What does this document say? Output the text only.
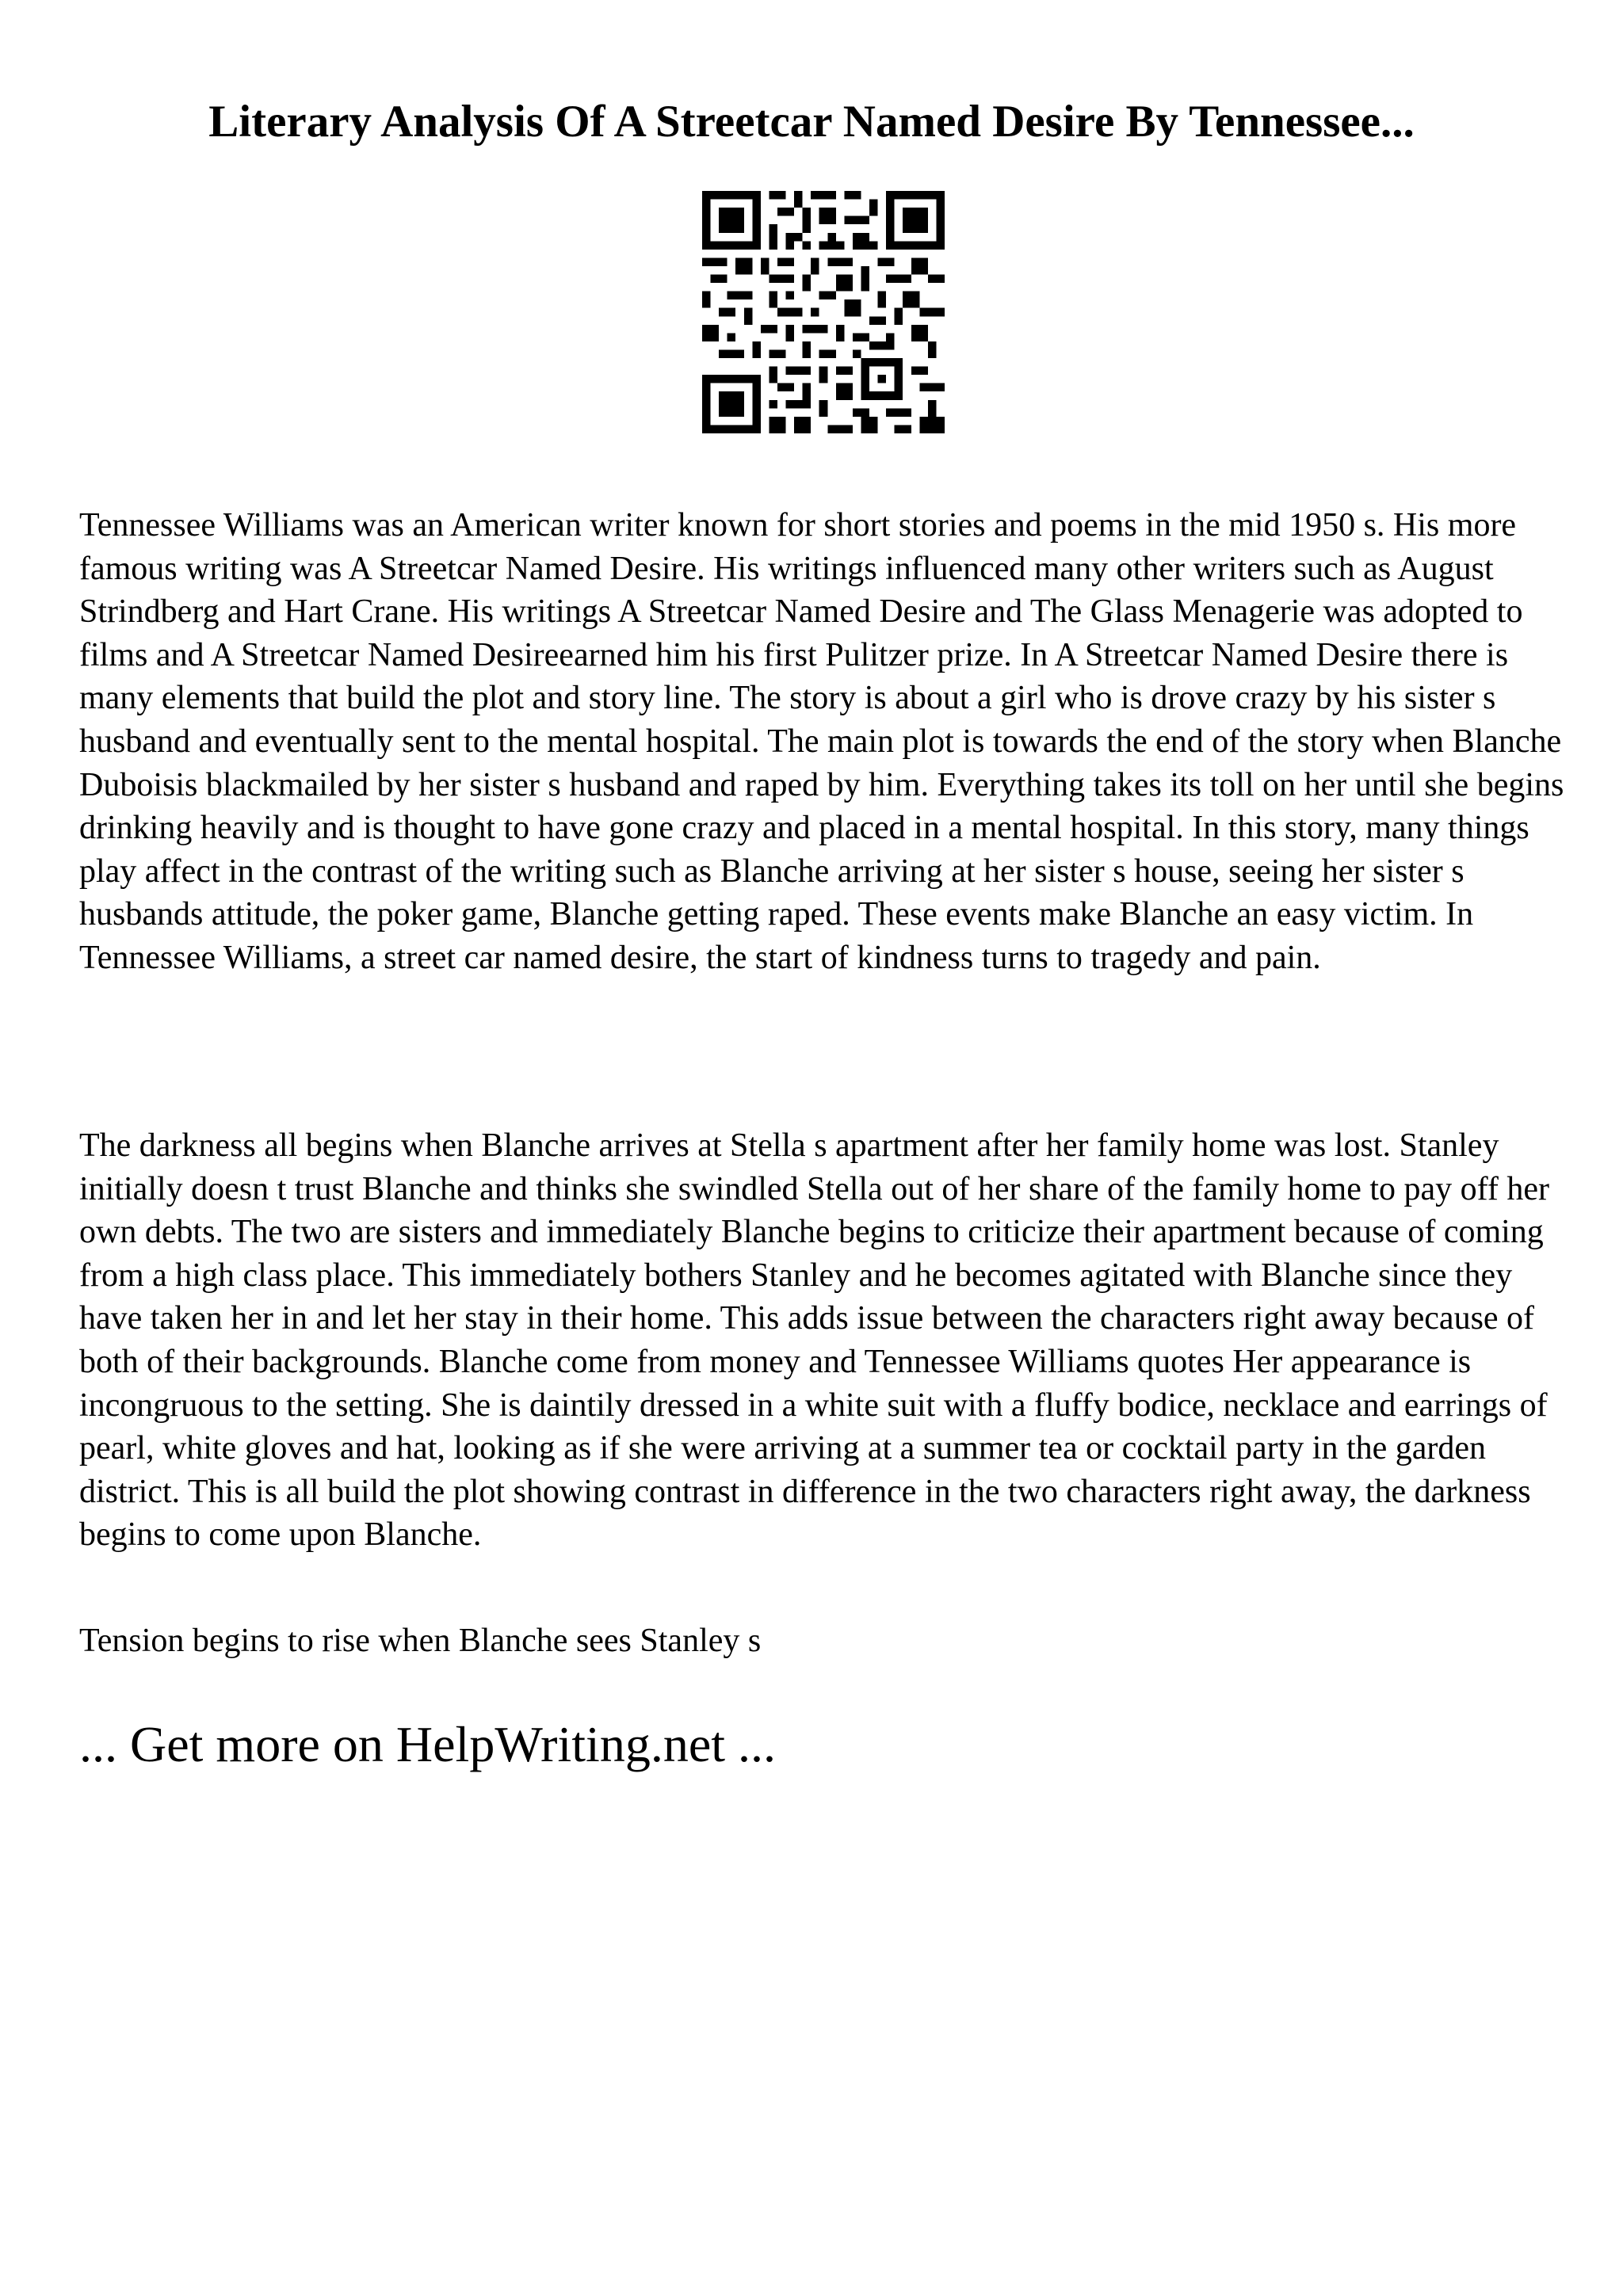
Literary Analysis Of A Streetcar Named Desire By Tennessee...

Tennessee Williams was an American writer known for short stories and poems in the mid 1950 s. His more famous writing was A Streetcar Named Desire. His writings influenced many other writers such as August Strindberg and Hart Crane. His writings A Streetcar Named Desire and The Glass Menagerie was adopted to films and A Streetcar Named Desireearned him his first Pulitzer prize. In A Streetcar Named Desire there is many elements that build the plot and story line. The story is about a girl who is drove crazy by his sister s husband and eventually sent to the mental hospital. The main plot is towards the end of the story when Blanche Duboisis blackmailed by her sister s husband and raped by him. Everything takes its toll on her until she begins drinking heavily and is thought to have gone crazy and placed in a mental hospital. In this story, many things play affect in the contrast of the writing such as Blanche arriving at her sister s house, seeing her sister s husbands attitude, the poker game, Blanche getting raped. These events make Blanche an easy victim. In Tennessee Williams, a street car named desire, the start of kindness turns to tragedy and pain.

The darkness all begins when Blanche arrives at Stella s apartment after her family home was lost. Stanley initially doesn t trust Blanche and thinks she swindled Stella out of her share of the family home to pay off her own debts. The two are sisters and immediately Blanche begins to criticize their apartment because of coming from a high class place. This immediately bothers Stanley and he becomes agitated with Blanche since they have taken her in and let her stay in their home. This adds issue between the characters right away because of both of their backgrounds. Blanche come from money and Tennessee Williams quotes Her appearance is incongruous to the setting. She is daintily dressed in a white suit with a fluffy bodice, necklace and earrings of pearl, white gloves and hat, looking as if she were arriving at a summer tea or cocktail party in the garden district. This is all build the plot showing contrast in difference in the two characters right away, the darkness begins to come upon Blanche.

Tension begins to rise when Blanche sees Stanley s

... Get more on HelpWriting.net ...
